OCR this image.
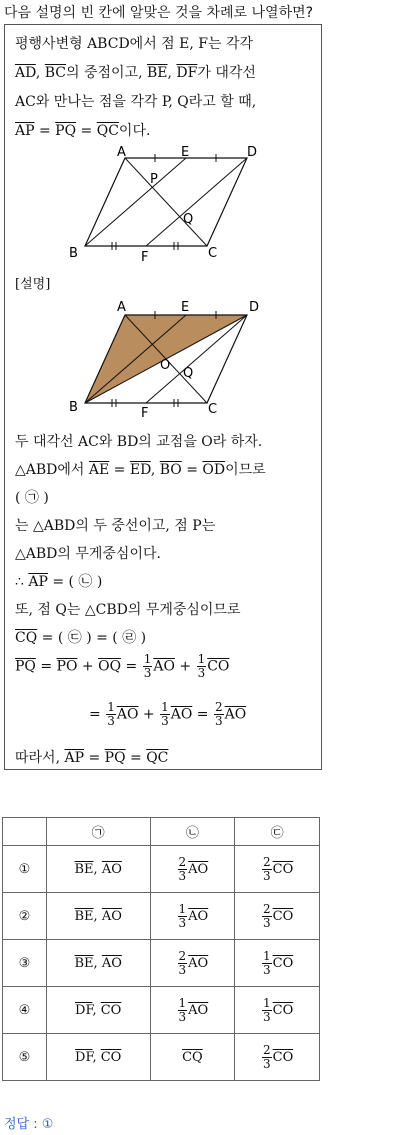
다음 설명의 빈 칸에 알맞은 것을 차례로 나열하면?
평행사변형 ABCD에서 점 E, F는 각각
$\overline{AD}$, $\overline{BC}$의 중점이고, $\overline{BE}$, $\overline{DF}$가 대각선
AC와 만나는 점을 각각 P, Q라고 할 때,
$\overline{AP} = \overline{PQ} = \overline{QC}$이다.
A	E	D
P
Q
B	F	C
[설명]
A	E	D
O
Q
B	F	C
두 대각선 AC와 BD의 교점을 O라 하자.
△ABD에서 $\overline{AE} = \overline{ED}$, $\overline{BO} = \overline{OD}$이므로
( ㉠ )
는 △ABD의 두 중선이고, 점 P는
△ABD의 무게중심이다.
∴ $\overline{AP}$ = ( ㉡ )
또, 점 Q는 △CBD의 무게중심이므로
$\overline{CQ}$ = ( ㉢ ) = ( ㉣ )
$\overline{PQ} = \overline{PO} + \overline{OQ} = \frac{1}{3} \overline{AO} + \frac{1}{3} \overline{CO}$
= $\frac{1}{3} \overline{AO} + \frac{1}{3} \overline{AO} = \frac{2}{3} \overline{AO}$
따라서, $\overline{AP} = \overline{PQ} = \overline{QC}$
	㉠	㉡	㉢
①	$\overline{BE}$, $\overline{AO}$	$\frac{2}{3} \overline{AO}$	$\frac{2}{3} \overline{CO}$
②	$\overline{BE}$, $\overline{AO}$	$\frac{1}{3} \overline{AO}$	$\frac{2}{3} \overline{CO}$
③	$\overline{BE}$, $\overline{AO}$	$\frac{2}{3} \overline{AO}$	$\frac{1}{3} \overline{CO}$
④	$\overline{DF}$, $\overline{CO}$	$\frac{1}{3} \overline{AO}$	$\frac{1}{3} \overline{CO}$
⑤	$\overline{DF}$, $\overline{CO}$	$\overline{CQ}$	$\frac{2}{3} \overline{CO}$
정답 : ①
